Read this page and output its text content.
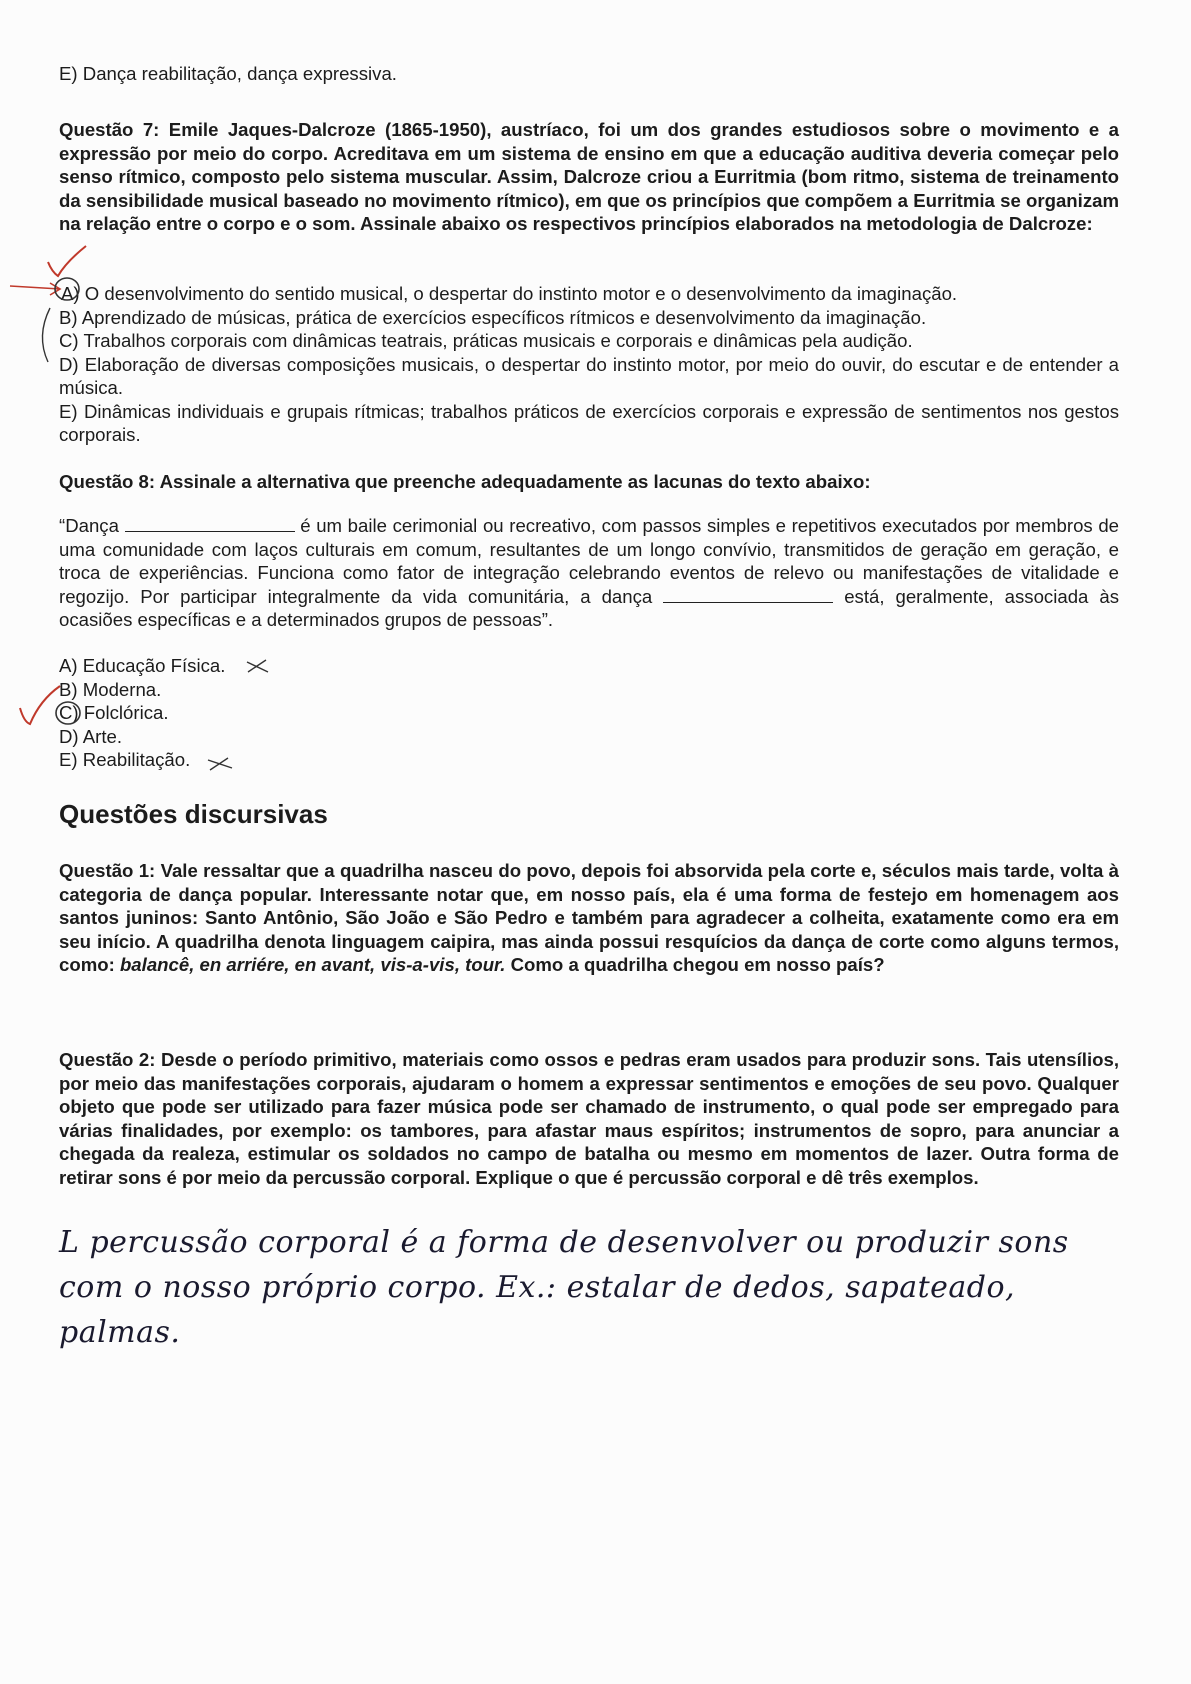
E) Dança reabilitação, dança expressiva.

Questão 7: Emile Jaques-Dalcroze (1865-1950), austríaco, foi um dos grandes estudiosos sobre o movimento e a expressão por meio do corpo. Acreditava em um sistema de ensino em que a educação auditiva deveria começar pelo senso rítmico, composto pelo sistema muscular. Assim, Dalcroze criou a Eurritmia (bom ritmo, sistema de treinamento da sensibilidade musical baseado no movimento rítmico), em que os princípios que compõem a Eurritmia se organizam na relação entre o corpo e o som. Assinale abaixo os respectivos princípios elaborados na metodologia de Dalcroze:

A) O desenvolvimento do sentido musical, o despertar do instinto motor e o desenvolvimento da imaginação.

B) Aprendizado de músicas, prática de exercícios específicos rítmicos e desenvolvimento da imaginação.

C) Trabalhos corporais com dinâmicas teatrais, práticas musicais e corporais e dinâmicas pela audição.

D) Elaboração de diversas composições musicais, o despertar do instinto motor, por meio do ouvir, do escutar e de entender a música.

E) Dinâmicas individuais e grupais rítmicas; trabalhos práticos de exercícios corporais e expressão de sentimentos nos gestos corporais.

Questão 8: Assinale a alternativa que preenche adequadamente as lacunas do texto abaixo:

“Dança	é um baile cerimonial ou recreativo, com passos simples e repetitivos executados por membros de uma comunidade com laços culturais em comum, resultantes de um longo convívio, transmitidos de geração em geração, e troca de experiências. Funciona como fator de integração celebrando eventos de relevo ou manifestações de vitalidade e regozijo. Por participar integralmente da vida comunitária, a dança	está, geralmente, associada às ocasiões específicas e a determinados grupos de pessoas”.

A) Educação Física.

B) Moderna.

C) Folclórica.

D) Arte.

E) Reabilitação.

Questões discursivas

Questão 1: Vale ressaltar que a quadrilha nasceu do povo, depois foi absorvida pela corte e, séculos mais tarde, volta à categoria de dança popular. Interessante notar que, em nosso país, ela é uma forma de festejo em homenagem aos santos juninos: Santo Antônio, São João e São Pedro e também para agradecer a colheita, exatamente como era em seu início. A quadrilha denota linguagem caipira, mas ainda possui resquícios da dança de corte como alguns termos, como: balancê, en arriére, en avant, vis-a-vis, tour. Como a quadrilha chegou em nosso país?

Questão 2: Desde o período primitivo, materiais como ossos e pedras eram usados para produzir sons. Tais utensílios, por meio das manifestações corporais, ajudaram o homem a expressar sentimentos e emoções de seu povo. Qualquer objeto que pode ser utilizado para fazer música pode ser chamado de instrumento, o qual pode ser empregado para várias finalidades, por exemplo: os tambores, para afastar maus espíritos; instrumentos de sopro, para anunciar a chegada da realeza, estimular os soldados no campo de batalha ou mesmo em momentos de lazer. Outra forma de retirar sons é por meio da percussão corporal. Explique o que é percussão corporal e dê três exemplos.

L percussão corporal é a forma de desenvolver ou produzir sons com o nosso próprio corpo. Ex.: estalar de dedos, sapateado, palmas.
